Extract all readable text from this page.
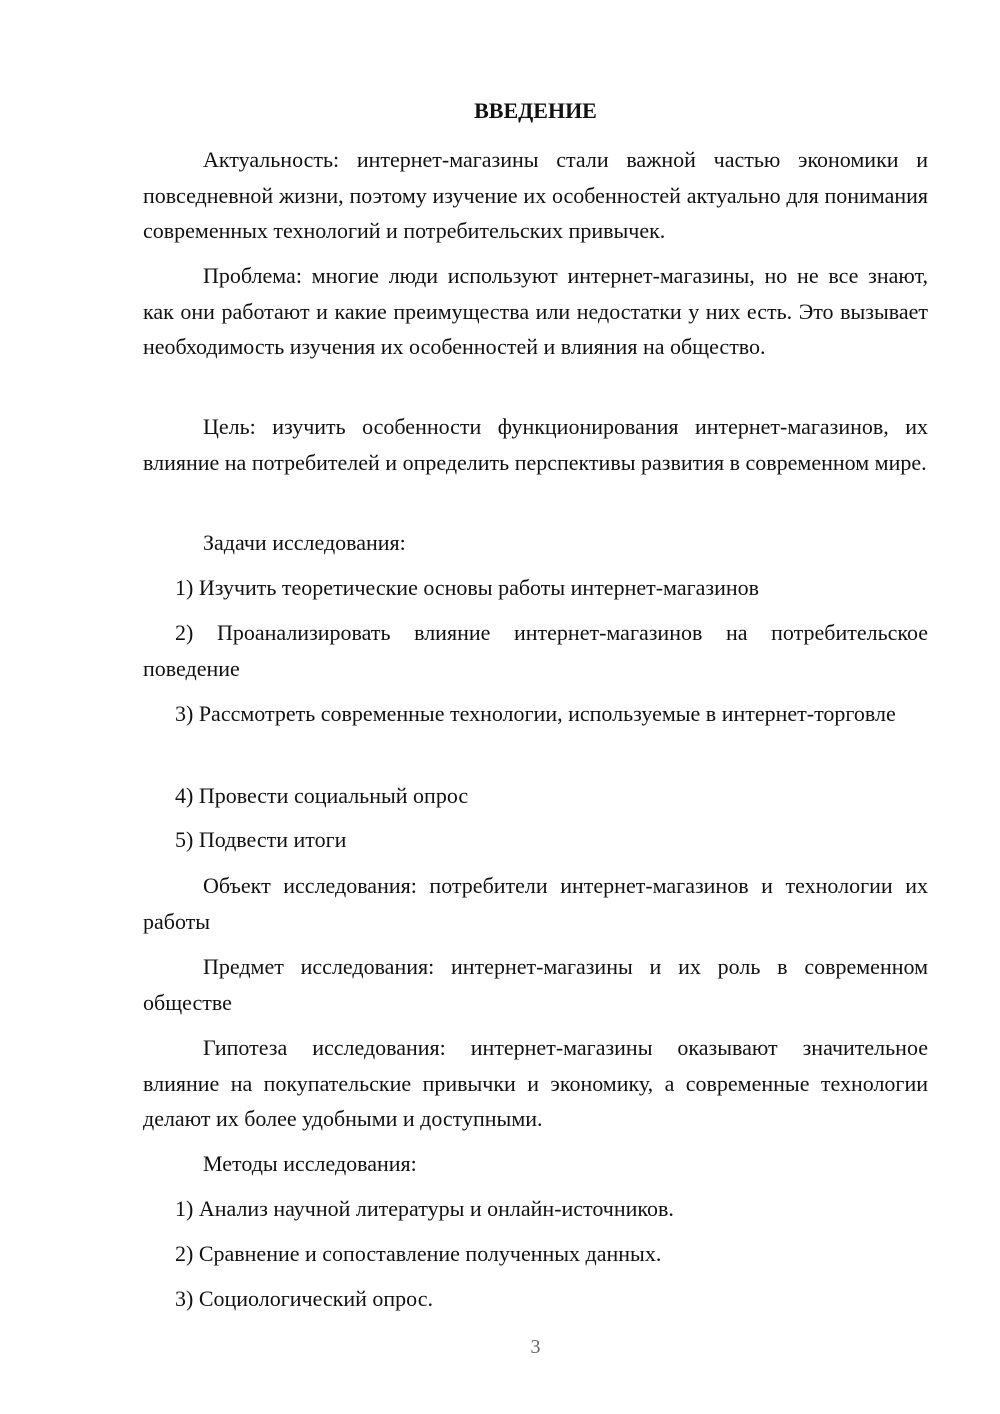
ВВЕДЕНИЕ

Актуальность: интернет-магазины стали важной частью экономики и повседневной жизни, поэтому изучение их особенностей актуально для понимания современных технологий и потребительских привычек.

Проблема: многие люди используют интернет-магазины, но не все знают, как они работают и какие преимущества или недостатки у них есть. Это вызывает необходимость изучения их особенностей и влияния на общество.

Цель: изучить особенности функционирования интернет-магазинов, их влияние на потребителей и определить перспективы развития в современном мире.

Задачи исследования:

1) Изучить теоретические основы работы интернет-магазинов

2) Проанализировать влияние интернет-магазинов на потребительское поведение

3) Рассмотреть современные технологии, используемые в интернет-торговле

4) Провести социальный опрос

5) Подвести итоги

Объект исследования: потребители интернет-магазинов и технологии их работы

Предмет исследования: интернет-магазины и их роль в современном обществе

Гипотеза исследования: интернет-магазины оказывают значительное влияние на покупательские привычки и экономику, а современные технологии делают их более удобными и доступными.

Методы исследования:

1) Анализ научной литературы и онлайн-источников.

2) Сравнение и сопоставление полученных данных.

3) Социологический опрос.

3
